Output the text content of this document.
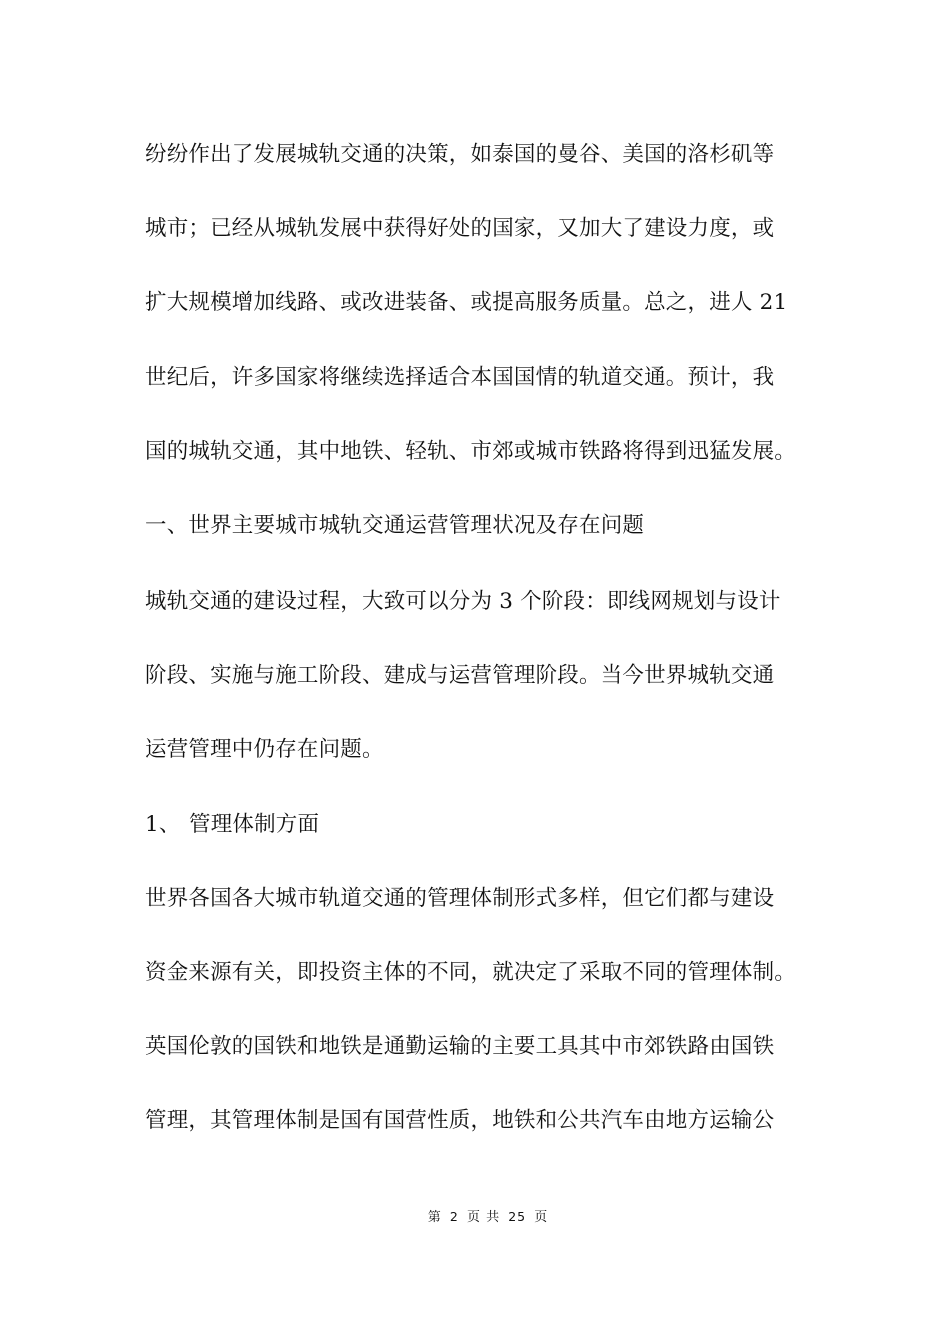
纷纷作出了发展城轨交通的决策，如泰国的曼谷、美国的洛杉矶等
城市；已经从城轨发展中获得好处的国家，又加大了建设力度，或
扩大规模增加线路、或改进装备、或提高服务质量。总之，进人 21
世纪后，许多国家将继续选择适合本国国情的轨道交通。预计，我
国的城轨交通，其中地铁、轻轨、市郊或城市铁路将得到迅猛发展。
一、世界主要城市城轨交通运营管理状况及存在问题
城轨交通的建设过程，大致可以分为 3 个阶段：即线网规划与设计
阶段、实施与施工阶段、建成与运营管理阶段。当今世界城轨交通
运营管理中仍存在问题。
1、 管理体制方面
世界各国各大城市轨道交通的管理体制形式多样，但它们都与建设
资金来源有关，即投资主体的不同，就决定了采取不同的管理体制。
英国伦敦的国铁和地铁是通勤运输的主要工具其中市郊铁路由国铁
管理，其管理体制是国有国营性质，地铁和公共汽车由地方运输公
第 2 页 共 25 页
